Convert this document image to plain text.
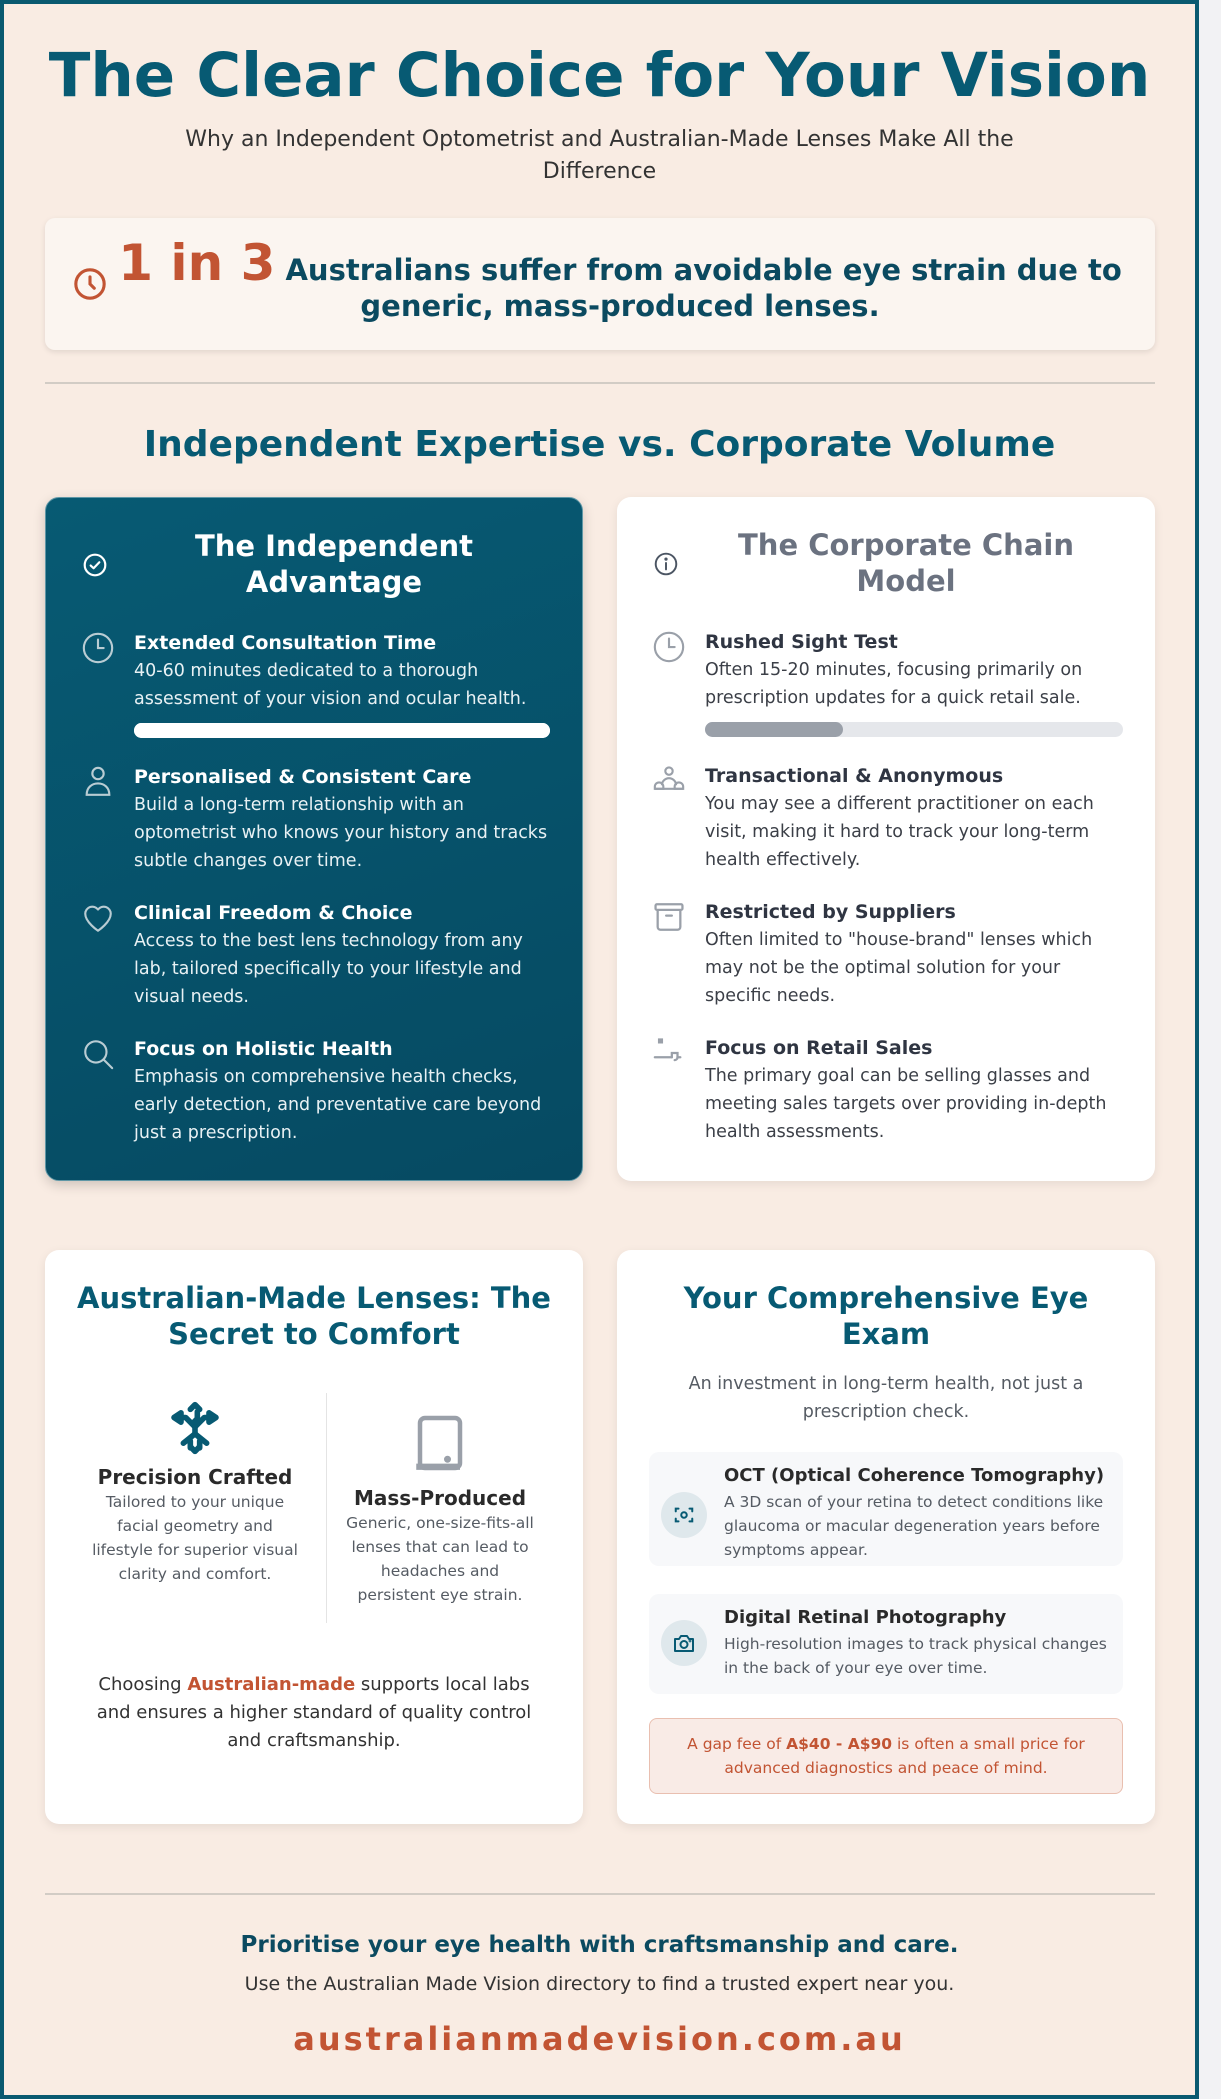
The Clear Choice for Your Vision
Why an Independent Optometrist and Australian-Made Lenses Make All the Difference
1 in 3 Australians suffer from avoidable eye strain due to generic, mass-produced lenses.
Independent Expertise vs. Corporate Volume
The Independent Advantage
Extended Consultation Time
40-60 minutes dedicated to a thorough assessment of your vision and ocular health.
Personalised & Consistent Care
Build a long-term relationship with an optometrist who knows your history and tracks subtle changes over time.
Clinical Freedom & Choice
Access to the best lens technology from any lab, tailored specifically to your lifestyle and visual needs.
Focus on Holistic Health
Emphasis on comprehensive health checks, early detection, and preventative care beyond just a prescription.
The Corporate Chain Model
Rushed Sight Test
Often 15-20 minutes, focusing primarily on prescription updates for a quick retail sale.
Transactional & Anonymous
You may see a different practitioner on each visit, making it hard to track your long-term health effectively.
Restricted by Suppliers
Often limited to "house-brand" lenses which may not be the optimal solution for your specific needs.
Focus on Retail Sales
The primary goal can be selling glasses and meeting sales targets over providing in-depth health assessments.
Australian-Made Lenses: The Secret to Comfort
Precision Crafted
Tailored to your unique facial geometry and lifestyle for superior visual clarity and comfort.
Mass-Produced
Generic, one-size-fits-all lenses that can lead to headaches and persistent eye strain.
Choosing Australian-made supports local labs and ensures a higher standard of quality control and craftsmanship.
Your Comprehensive Eye Exam
An investment in long-term health, not just a prescription check.
OCT (Optical Coherence Tomography)
A 3D scan of your retina to detect conditions like glaucoma or macular degeneration years before symptoms appear.
Digital Retinal Photography
High-resolution images to track physical changes in the back of your eye over time.
A gap fee of A$40 - A$90 is often a small price for advanced diagnostics and peace of mind.
Prioritise your eye health with craftsmanship and care.
Use the Australian Made Vision directory to find a trusted expert near you.
australianmadevision.com.au
